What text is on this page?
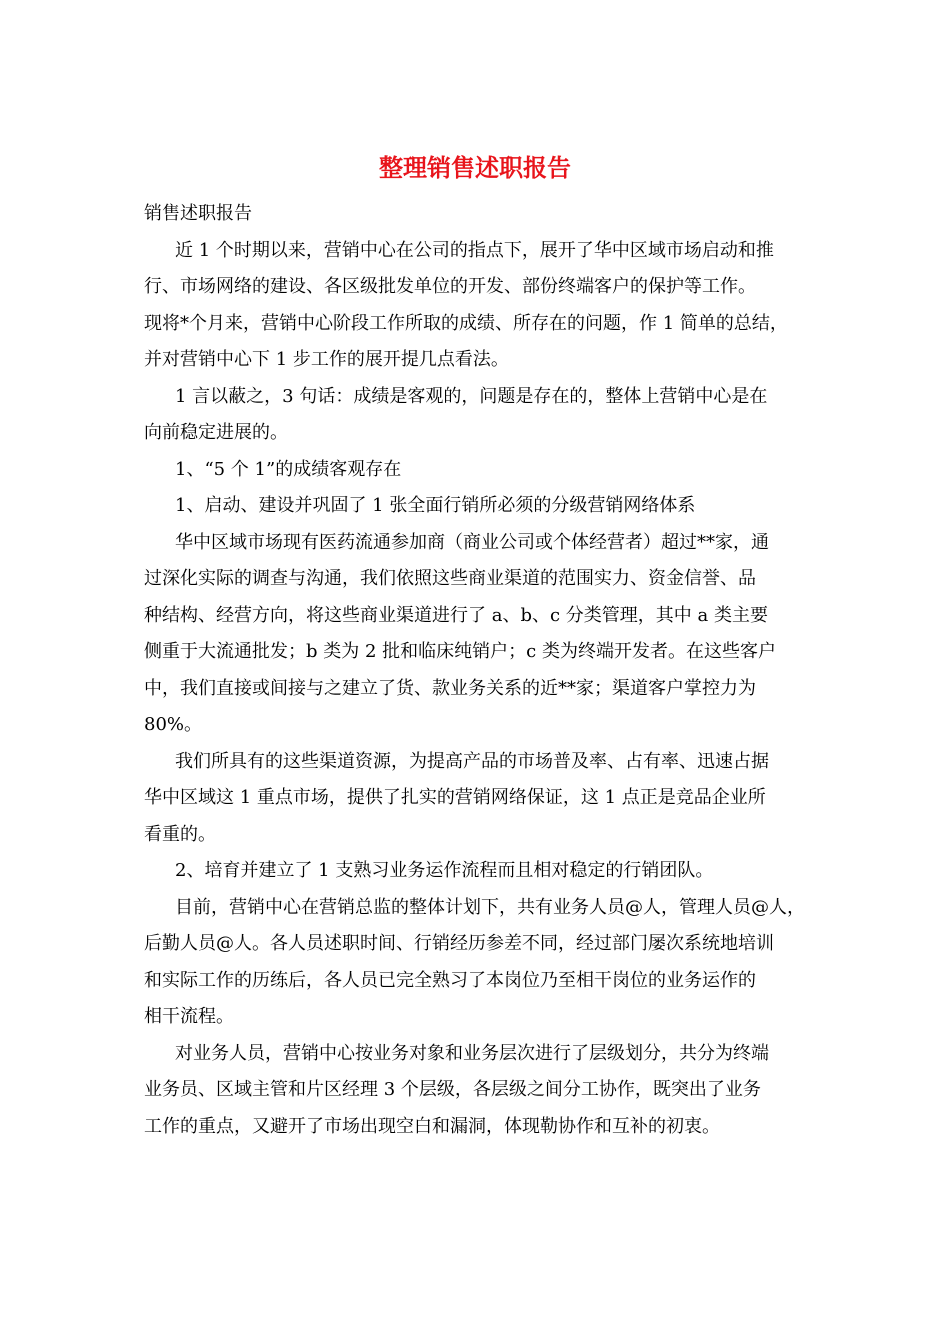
整理销售述职报告
销售述职报告
近 1 个时期以来，营销中心在公司的指点下，展开了华中区域市场启动和推
行、市场网络的建设、各区级批发单位的开发、部份终端客户的保护等工作。
现将*个月来，营销中心阶段工作所取的成绩、所存在的问题，作 1 简单的总结，
并对营销中心下 1 步工作的展开提几点看法。
1 言以蔽之，3 句话：成绩是客观的，问题是存在的，整体上营销中心是在
向前稳定进展的。
1、“5 个 1”的成绩客观存在
1、启动、建设并巩固了 1 张全面行销所必须的分级营销网络体系
华中区域市场现有医药流通参加商（商业公司或个体经营者）超过**家，通
过深化实际的调查与沟通，我们依照这些商业渠道的范围实力、资金信誉、品
种结构、经营方向，将这些商业渠道进行了 a、b、c 分类管理，其中 a 类主要
侧重于大流通批发；b 类为 2 批和临床纯销户；c 类为终端开发者。在这些客户
中，我们直接或间接与之建立了货、款业务关系的近**家；渠道客户掌控力为
80%。
我们所具有的这些渠道资源，为提高产品的市场普及率、占有率、迅速占据
华中区域这 1 重点市场，提供了扎实的营销网络保证，这 1 点正是竞品企业所
看重的。
2、培育并建立了 1 支熟习业务运作流程而且相对稳定的行销团队。
目前，营销中心在营销总监的整体计划下，共有业务人员@人，管理人员@人，
后勤人员@人。各人员述职时间、行销经历参差不同，经过部门屡次系统地培训
和实际工作的历练后，各人员已完全熟习了本岗位乃至相干岗位的业务运作的
相干流程。
对业务人员，营销中心按业务对象和业务层次进行了层级划分，共分为终端
业务员、区域主管和片区经理 3 个层级，各层级之间分工协作，既突出了业务
工作的重点，又避开了市场出现空白和漏洞，体现勒协作和互补的初衷。
